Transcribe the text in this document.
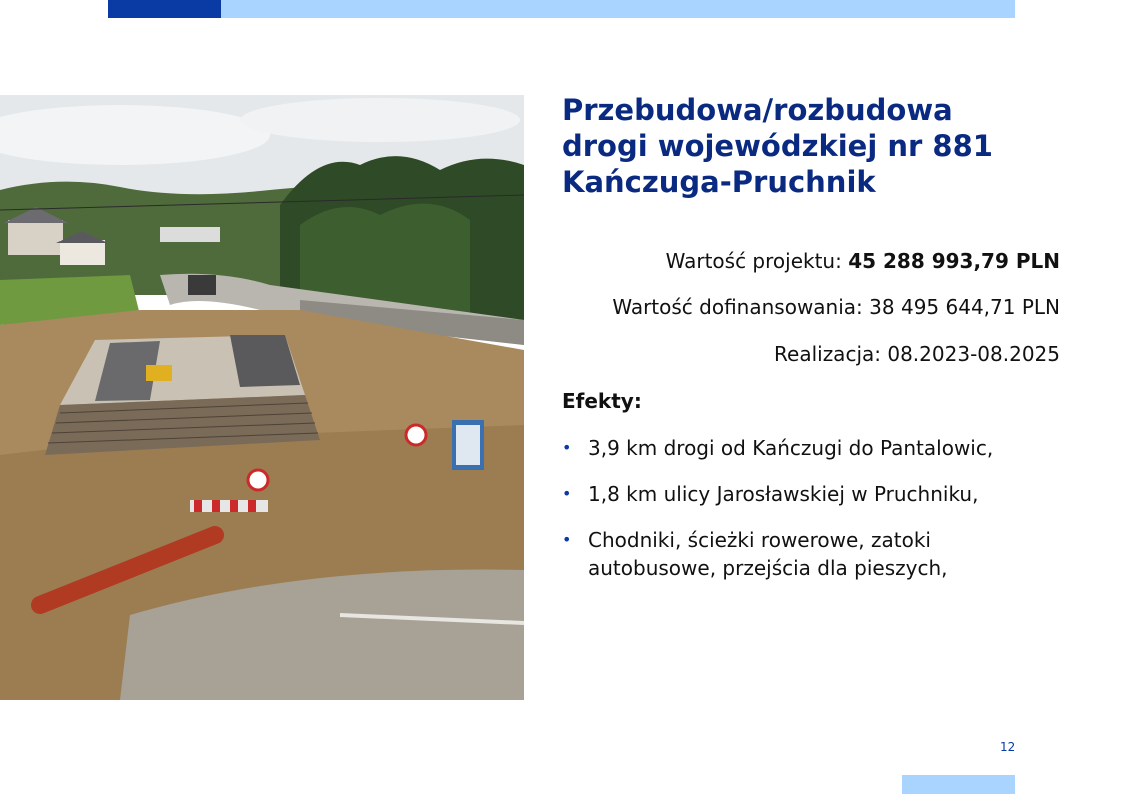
Przebudowa/rozbudowa
drogi wojewódzkiej nr 881
Kańczuga-Pruchnik
Wartość projektu: 45 288 993,79 PLN
Wartość dofinansowania: 38 495 644,71 PLN
Realizacja: 08.2023-08.2025
Efekty:
• 3,9 km drogi od Kańczugi do Pantalowic,
• 1,8 km ulicy Jarosławskiej w Pruchniku,
• Chodniki, ścieżki rowerowe, zatoki autobusowe, przejścia dla pieszych,
12
